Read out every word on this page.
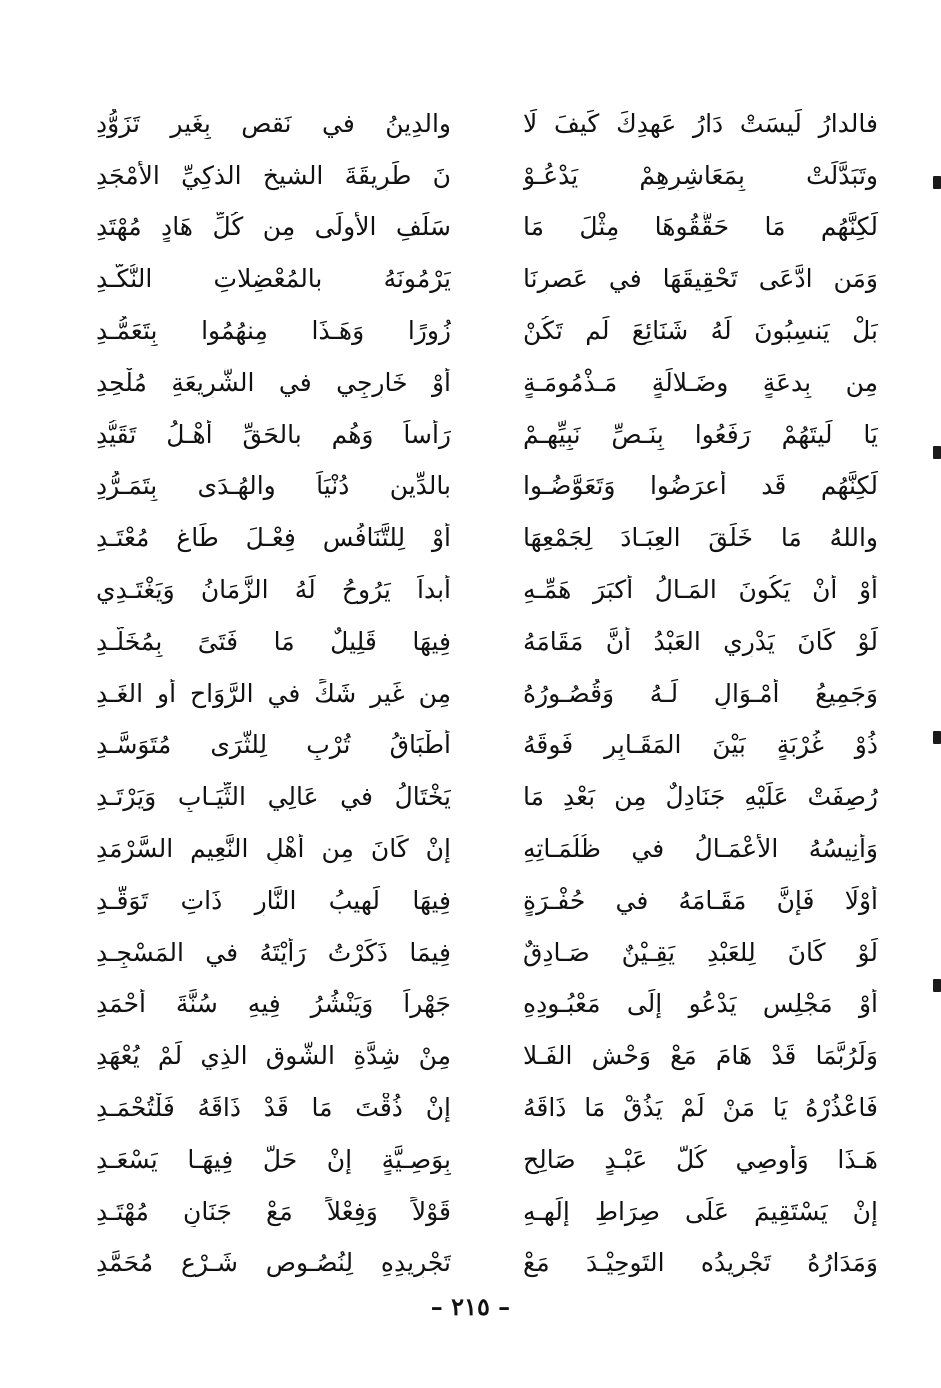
فالدارُ لَيسَتْ دَارُ عَهدِكَ كَيفَ لَا
والدِينُ في نَقصٍ بِغَيرِ تَزَوُّدِ
وتَبَدَّلَتْ بِمَعَاشِرِهِمْ يَدْعُـوْ
نَ طَرِيقَةَ الشيخِ الذكِيِّ الأَمْجَدِ
لَكِنَّهُم مَا حَقَّقُوهَا مِثْلَ مَا
سَلَفِ الأُولَى مِن كُلِّ هَادٍ مُهْتَدِ
وَمَن ادَّعَى تَحْقِيقَهَا في عَصرِنَا
يَرْمُونَهُ بالمُعْضِلاتِ النُّكَّـدِ
بَلْ يَنسِبُونَ لَهُ شَنَائِعَ لَم تَكُنْ
زُورًا وَهَـذَا مِنهُمُوا بِتَعَمُّـدِ
مِن بِدعَةٍ وضَـلالَةٍ مَـذْمُومَـةٍ
أَوْ خَارِجِي في الشَّرِيعَةِ مُلْحِدِ
يَا لَيتَهُمْ رَفَعُوا بِنَـصِّ نَبِيِّهِـمْ
رَأساً وَهُم بالحَقِّ أَهْـلُ تَقَيُّدِ
لَكِنَّهُم قَد أَعرَضُوا وَتَعَوَّضُـوا
بالدِّينِ دُنْيَاً والهُـدَى بِتَمَـرُّدِ
واللهُ مَا خَلَقَ العِبَـادَ لِجَمْعِهَا
أَوْ لِلتَّنَافُسِ فِعْـلَ طَاغٍ مُعْتَـدِ
أَوْ أَنْ يَكُونَ المَـالُ أَكبَرَ هَمِّـهِ
أَبداً يَرُوحُ لَهُ الزَّمَانُ وَيَغْتَـدِي
لَوْ كَانَ يَدْرِي العَبْدُ أَنَّ مَقَامَهُ
فِيهَا قَلِيلٌ مَا فَتَىً بِمُخَلَّـدِ
وَجَمِيعُ أَمْـوَالٍ لَـهُ وَقُصُـورُهُ
مِن غَيرِ شَكٍّ في الرَّوَاحِ أَو الغَـدِ
ذُوْ غُرْبَةٍ بَيْنَ المَقَـابِرِ فَوقَهُ
أَطْبَاقُ تُرْبٍ لِلثَّرَى مُتَوَسَّـدِ
رُصِفَتْ عَلَيْهِ جَنَادِلٌ مِن بَعْدِ مَا
يَخْتَالُ في عَالِي الثِّيَـابِ وَيَرْتَـدِ
وَأَنِيسُهُ الأَعْمَـالُ في ظُلُمَـاتِهِ
إِنْ كَانَ مِن أَهْلِ النَّعِيمِ السَّرْمَدِ
أَوْلَا فَإِنَّ مَقَـامَهُ في حُفْـرَةٍ
فِيهَا لَهِيبُ النَّارِ ذَاتِ تَوَقُّـدِ
لَوْ كَانَ لِلعَبْدِ يَقِـيْنٌ صَـادِقٌ
فِيمَا ذَكَرْتُ رَأَيْتَهُ في المَسْجِـدِ
أَوْ مَجْلِسٍ يَدْعُو إِلَى مَعْبُـودِهِ
جَهْراً وَيَنْشُرُ فِيهِ سُنَّةَ أَحْمَدِ
وَلَرُبَّمَا قَدْ هَامَ مَعْ وَحْشِ الفَـلا
مِنْ شِدَّةِ الشَّوقِ الذِي لَمْ يُعْهَدِ
فَاعْذُرْهُ يَا مَنْ لَمْ يَذُقْ مَا ذَاقَهُ
إِنْ ذُقْتَ مَا قَدْ ذَاقَهُ فَلْتُحْمَـدِ
هَـذَا وَأُوصِي كُلَّ عَبْـدٍ صَالِحٍ
بِوَصِـيَّةٍ إِنْ حَلَّ فِيهَـا يَسْعَـدِ
إِنْ يَسْتَقِيمَ عَلَى صِرَاطِ إِلَهِـهِ
قَوْلاً وَفِعْلاً مَعْ جَنَانٍ مُهْتَـدِ
وَمَدَارُهُ تَجْرِيدُه التَوحِيْـدَ مَعْ
تَجْرِيدِهِ لِنُصُـوصِ شَـرْعِ مُحَمَّدِ
– ٢١٥ –
